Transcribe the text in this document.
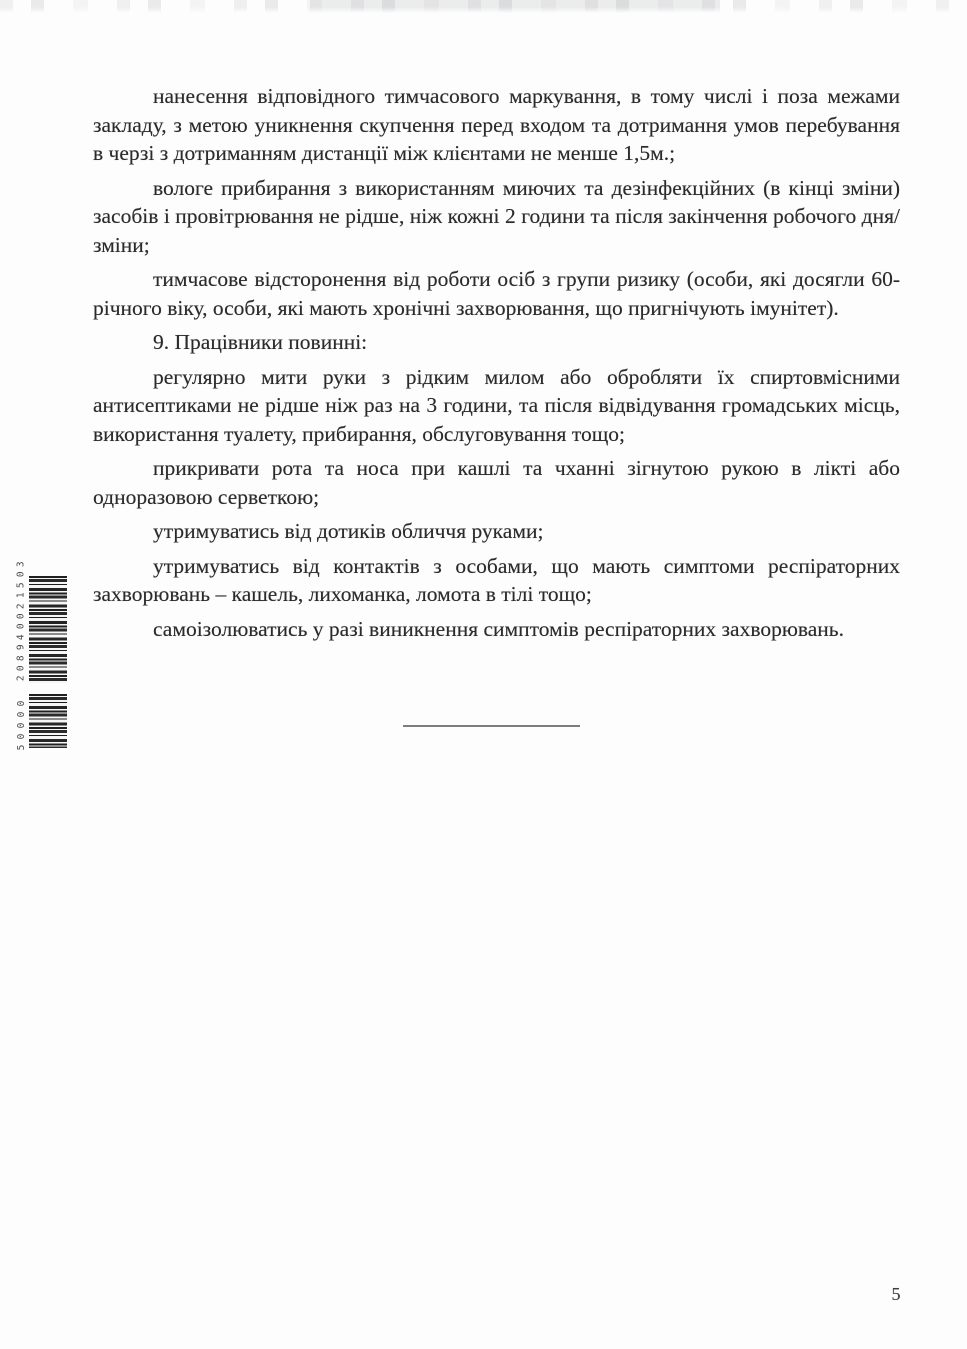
нанесення відповідного тимчасового маркування, в тому числі і поза межами закладу, з метою уникнення скупчення перед входом та дотримання умов перебування в черзі з дотриманням дистанції між клієнтами не менше 1,5м.;

вологе прибирання з використанням миючих та дезінфекційних (в кінці зміни) засобів і провітрювання не рідше, ніж кожні 2 години та після закінчення робочого дня/зміни;

тимчасове відсторонення від роботи осіб з групи ризику (особи, які досягли 60-річного віку, особи, які мають хронічні захворювання, що пригнічують імунітет).

9. Працівники повинні:

регулярно мити руки з рідким милом або обробляти їх спиртовмісними антисептиками не рідше ніж раз на 3 години, та після відвідування громадських місць, використання туалету, прибирання, обслуговування тощо;

прикривати рота та носа при кашлі та чханні зігнутою рукою в лікті або одноразовою серветкою;

утримуватись від дотиків обличчя руками;

утримуватись від контактів з особами, що мають симптоми респіраторних захворювань – кашель, лихоманка, ломота в тілі тощо;

самоізолюватись у разі виникнення симптомів респіраторних захворювань.

3
0
5
1
2
0
0
4
9
8
0
2
0
0
0
0
5
5
